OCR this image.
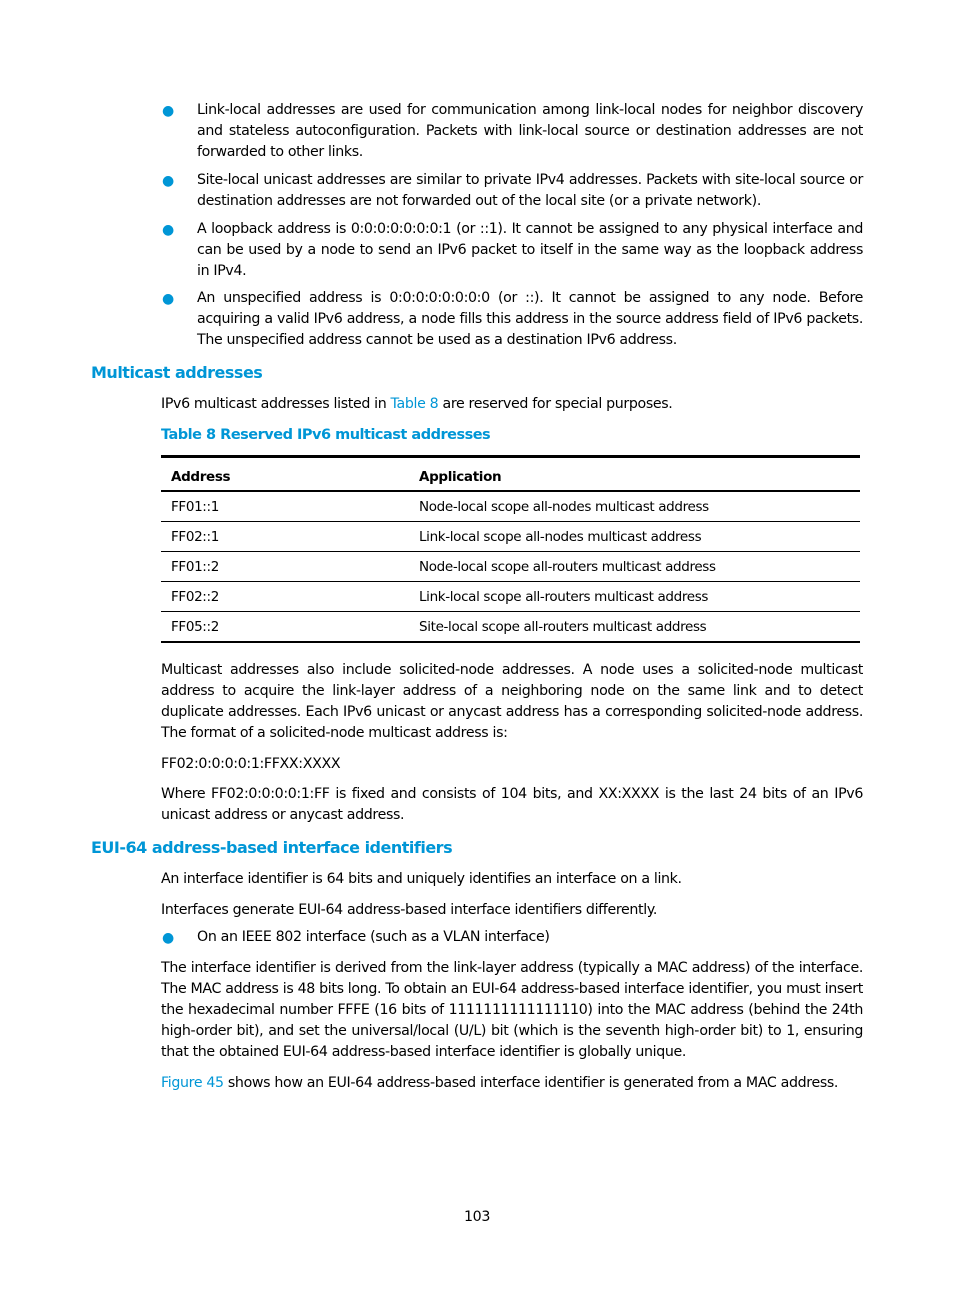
● Link-local addresses are used for communication among link-local nodes for neighbor discovery and stateless autoconfiguration. Packets with link-local source or destination addresses are not forwarded to other links.
● Site-local unicast addresses are similar to private IPv4 addresses. Packets with site-local source or destination addresses are not forwarded out of the local site (or a private network).
● A loopback address is 0:0:0:0:0:0:0:1 (or ::1). It cannot be assigned to any physical interface and can be used by a node to send an IPv6 packet to itself in the same way as the loopback address in IPv4.
● An unspecified address is 0:0:0:0:0:0:0:0 (or ::). It cannot be assigned to any node. Before acquiring a valid IPv6 address, a node fills this address in the source address field of IPv6 packets. The unspecified address cannot be used as a destination IPv6 address.
Multicast addresses
IPv6 multicast addresses listed in Table 8 are reserved for special purposes.
Table 8 Reserved IPv6 multicast addresses
Address	Application
FF01::1	Node-local scope all-nodes multicast address
FF02::1	Link-local scope all-nodes multicast address
FF01::2	Node-local scope all-routers multicast address
FF02::2	Link-local scope all-routers multicast address
FF05::2	Site-local scope all-routers multicast address
Multicast addresses also include solicited-node addresses. A node uses a solicited-node multicast address to acquire the link-layer address of a neighboring node on the same link and to detect duplicate addresses. Each IPv6 unicast or anycast address has a corresponding solicited-node address. The format of a solicited-node multicast address is:
FF02:0:0:0:0:1:FFXX:XXXX
Where FF02:0:0:0:0:1:FF is fixed and consists of 104 bits, and XX:XXXX is the last 24 bits of an IPv6 unicast address or anycast address.
EUI-64 address-based interface identifiers
An interface identifier is 64 bits and uniquely identifies an interface on a link.
Interfaces generate EUI-64 address-based interface identifiers differently.
● On an IEEE 802 interface (such as a VLAN interface)
The interface identifier is derived from the link-layer address (typically a MAC address) of the interface. The MAC address is 48 bits long. To obtain an EUI-64 address-based interface identifier, you must insert the hexadecimal number FFFE (16 bits of 1111111111111110) into the MAC address (behind the 24th high-order bit), and set the universal/local (U/L) bit (which is the seventh high-order bit) to 1, ensuring that the obtained EUI-64 address-based interface identifier is globally unique.
Figure 45 shows how an EUI-64 address-based interface identifier is generated from a MAC address.
103
